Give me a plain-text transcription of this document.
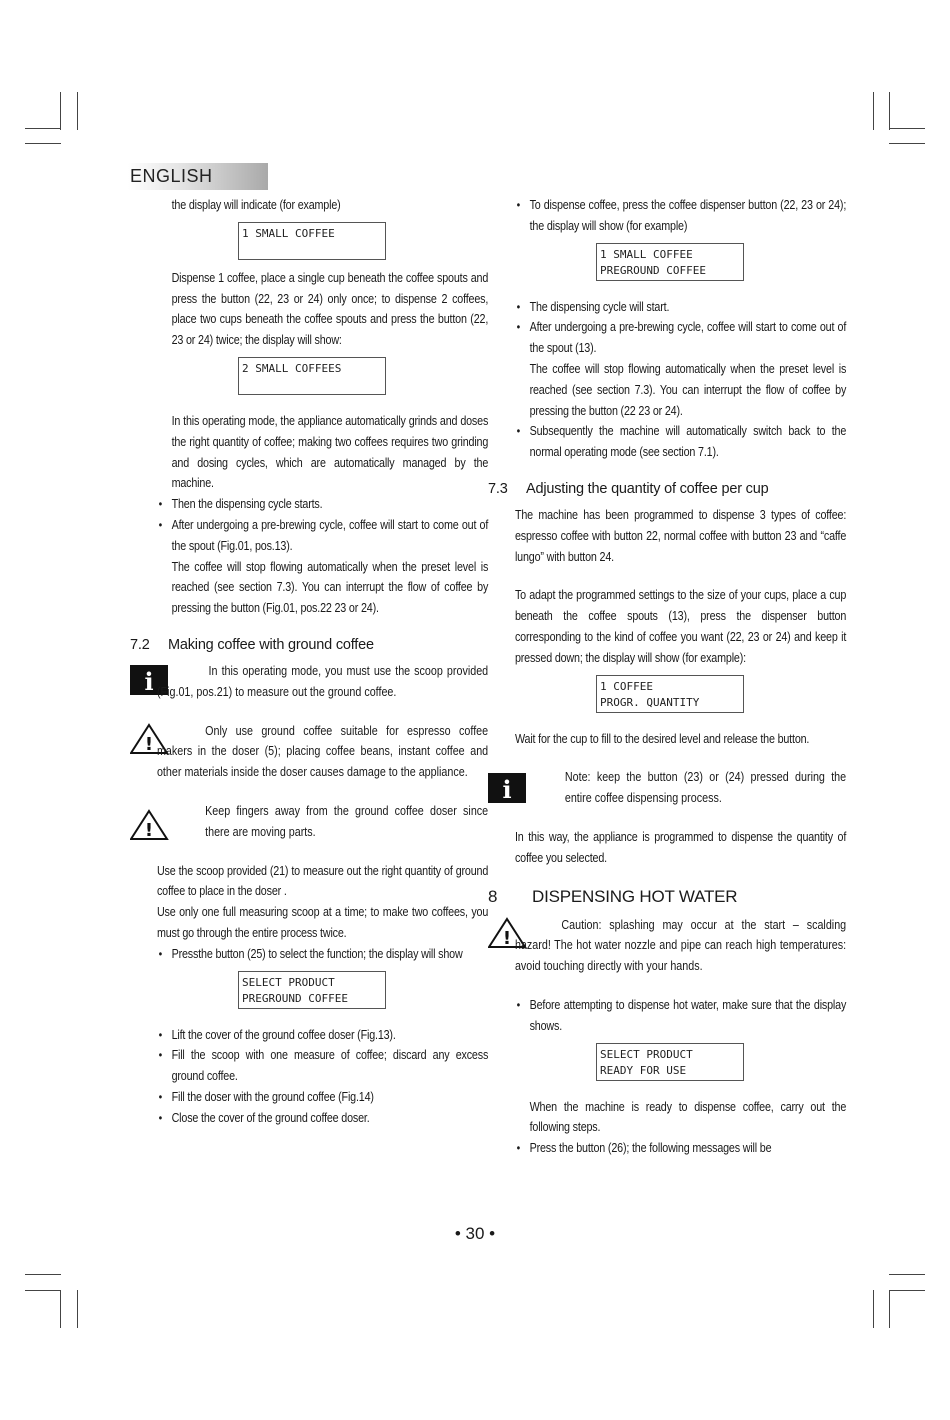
ENGLISH

the display will indicate (for example)

1 SMALL COFFEE

Dispense 1 coffee, place a single cup beneath the coffee spouts and press the button (22, 23 or 24) only once; to dispense 2 coffees, place two cups beneath the coffee spouts and press the button (22, 23 or 24) twice; the display will show:

2 SMALL COFFEES

In this operating mode, the appliance automatically grinds and doses the right quantity of coffee; making two coffees requires two grinding and dosing cycles, which are automatically managed by the machine.

• Then the dispensing cycle starts.

• After undergoing a pre-brewing cycle, coffee will start to come out of the spout (Fig.01, pos.13).

The coffee will stop flowing automatically when the preset level is reached (see section 7.3). You can interrupt the flow of coffee by pressing the button (Fig.01, pos.22 23 or 24).

7.2 Making coffee with ground coffee

i	In this operating mode, you must use the scoop provided (Fig.01, pos.21) to measure out the ground coffee.
!
Only use ground coffee suitable for espresso coffee makers in the doser (5); placing coffee beans, instant coffee and other materials inside the doser causes damage to the appliance.
!
Keep fingers away from the ground coffee doser since there are moving parts.

Use the scoop provided (21) to measure out the right quantity of ground coffee to place in the doser .

Use only one full measuring scoop at a time; to make two coffees, you must go through the entire process twice.

• Pressthe button (25) to select the function; the display will show

SELECT PRODUCT
PREGROUND COFFEE

• Lift the cover of the ground coffee doser (Fig.13).

• Fill the scoop with one measure of coffee; discard any excess ground coffee.

• Fill the doser with the ground coffee (Fig.14)

• Close the cover of the ground coffee doser.

• To dispense coffee, press the coffee dispenser button (22, 23 or 24); the display will show (for example)

1 SMALL COFFEE
PREGROUND COFFEE

• The dispensing cycle will start.

• After undergoing a pre-brewing cycle, coffee will start to come out of the spout (13).

The coffee will stop flowing automatically when the preset level is reached (see section 7.3). You can interrupt the flow of coffee by pressing the button (22 23 or 24).

• Subsequently the machine will automatically switch back to the normal operating mode (see section 7.1).

7.3 Adjusting the quantity of coffee per cup

The machine has been programmed to dispense 3 types of coffee: espresso coffee with button 22, normal coffee with button 23 and “caffe lungo” with button 24.

To adapt the programmed settings to the size of your cups, place a cup beneath the coffee spouts (13), press the dispenser button corresponding to the kind of coffee you want (22, 23 or 24) and keep it pressed down; the display will show (for example):

1 COFFEE
PROGR. QUANTITY

Wait for the cup to fill to the desired level and release the button.

i	Note: keep the button (23) or (24) pressed during the entire coffee dispensing process.

In this way, the appliance is programmed to dispense the quantity of coffee you selected.

8 DISPENSING HOT WATER

!
Caution: splashing may occur at the start – scalding hazard! The hot water nozzle and pipe can reach high temperatures: avoid touching directly with your hands.

• Before attempting to dispense hot water, make sure that the display shows.

SELECT PRODUCT
READY FOR USE

When the machine is ready to dispense coffee, carry out the following steps.

• Press the button (26); the following messages will be

• 30 •
